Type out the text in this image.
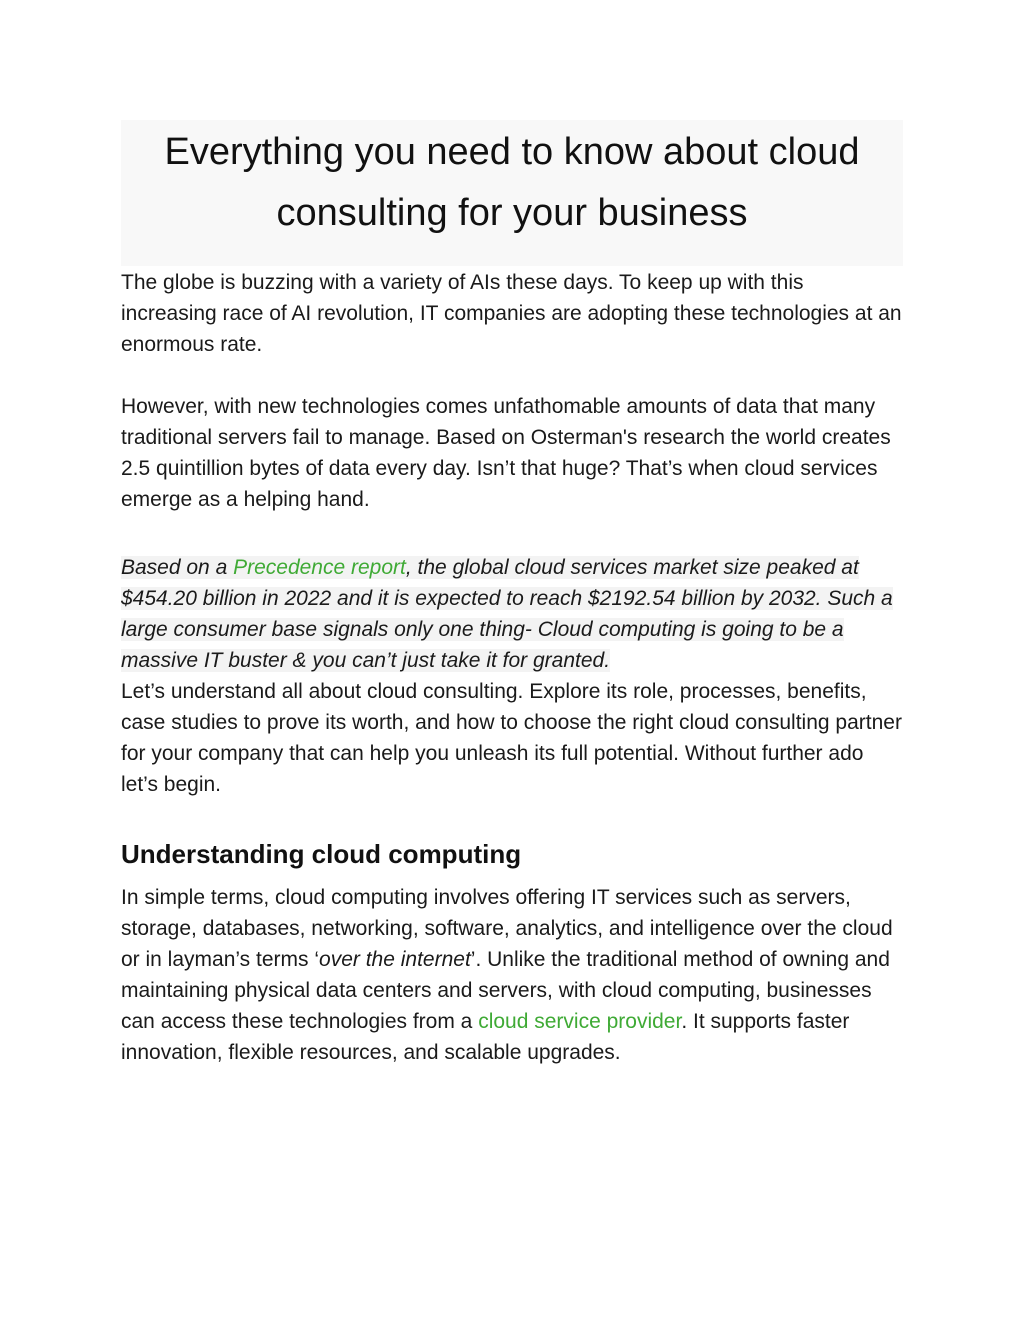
Everything you need to know about cloud
consulting for your business

The globe is buzzing with a variety of AIs these days. To keep up with this increasing race of AI revolution, IT companies are adopting these technologies at an enormous rate.

However, with new technologies comes unfathomable amounts of data that many traditional servers fail to manage. Based on Osterman's research the world creates 2.5 quintillion bytes of data every day. Isn’t that huge? That’s when cloud services emerge as a helping hand.

Based on a Precedence report, the global cloud services market size peaked at $454.20 billion in 2022 and it is expected to reach $2192.54 billion by 2032. Such a large consumer base signals only one thing- Cloud computing is going to be a massive IT buster & you can’t just take it for granted.

Let’s understand all about cloud consulting. Explore its role, processes, benefits, case studies to prove its worth, and how to choose the right cloud consulting partner for your company that can help you unleash its full potential. Without further ado let’s begin.

Understanding cloud computing

In simple terms, cloud computing involves offering IT services such as servers, storage, databases, networking, software, analytics, and intelligence over the cloud or in layman’s terms ‘over the internet’. Unlike the traditional method of owning and maintaining physical data centers and servers, with cloud computing, businesses can access these technologies from a cloud service provider. It supports faster innovation, flexible resources, and scalable upgrades.
